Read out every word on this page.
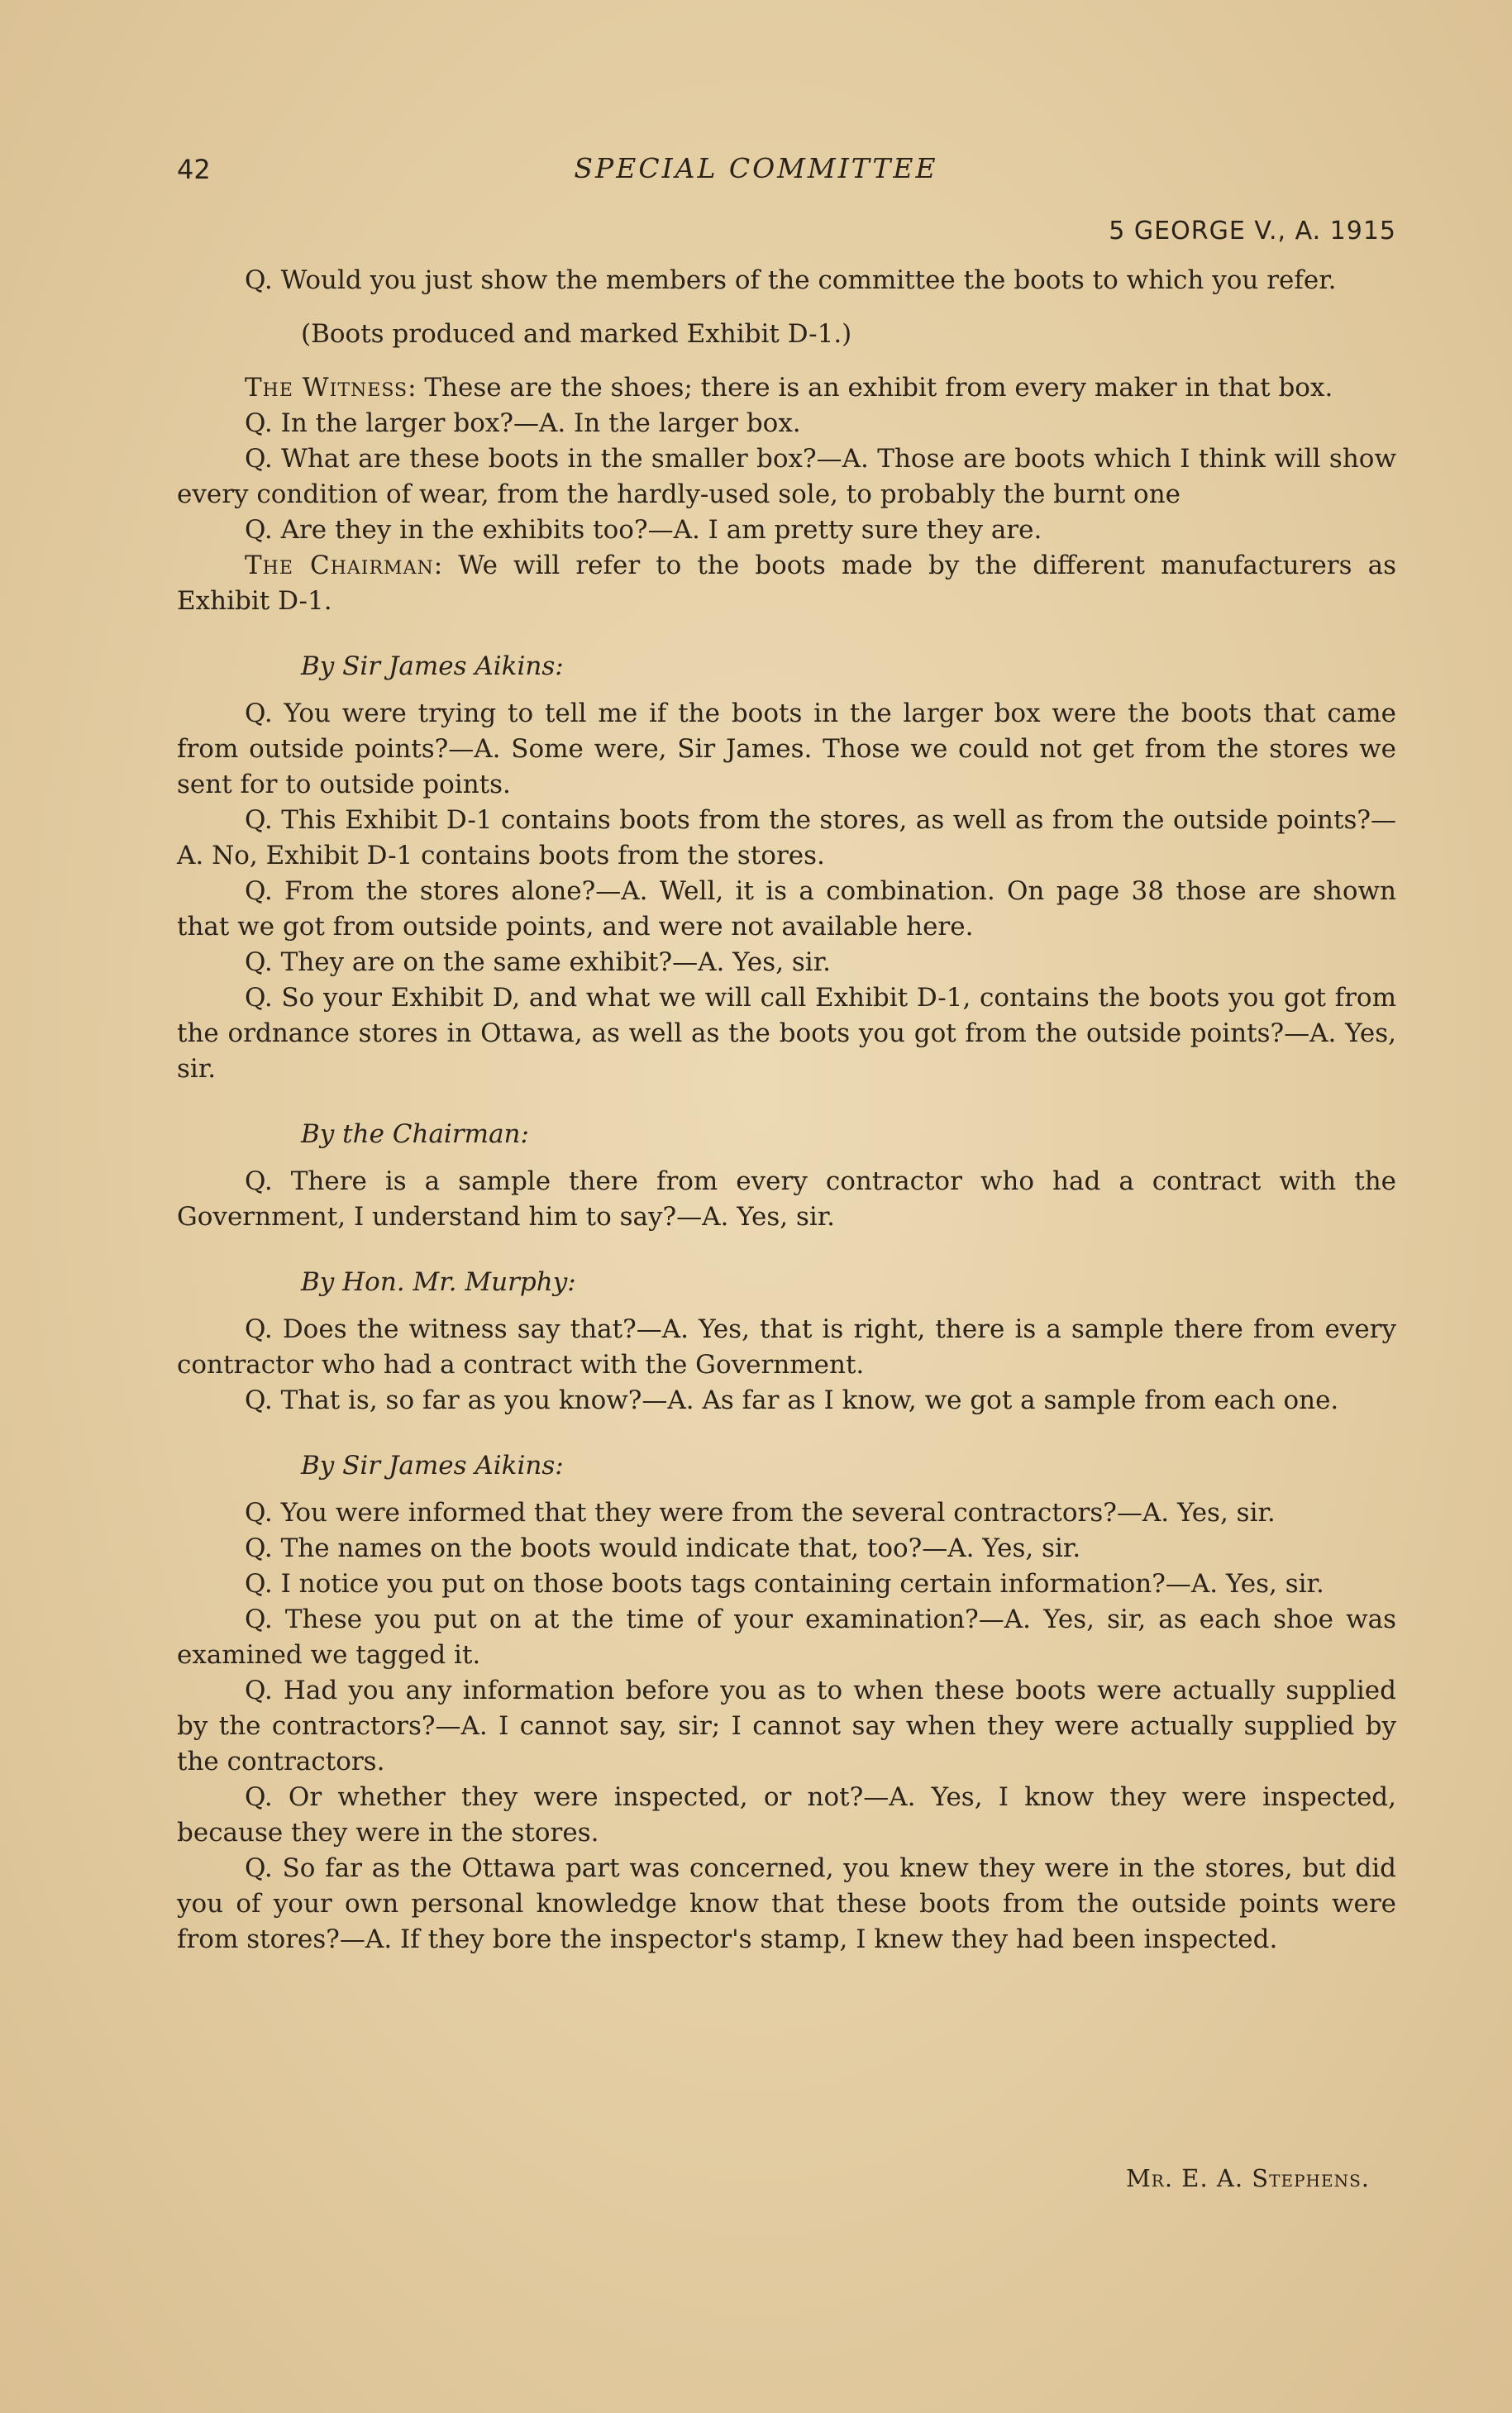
42	SPECIAL COMMITTEE
5 GEORGE V., A. 1915

Q. Would you just show the members of the committee the boots to which you refer.

(Boots produced and marked Exhibit D-1.)

The Witness: These are the shoes; there is an exhibit from every maker in that box.

Q. In the larger box?—A. In the larger box.

Q. What are these boots in the smaller box?—A. Those are boots which I think will show every condition of wear, from the hardly-used sole, to probably the burnt one

Q. Are they in the exhibits too?—A. I am pretty sure they are.

The Chairman: We will refer to the boots made by the different manufacturers as Exhibit D-1.

By Sir James Aikins:

Q. You were trying to tell me if the boots in the larger box were the boots that came from outside points?—A. Some were, Sir James. Those we could not get from the stores we sent for to outside points.

Q. This Exhibit D-1 contains boots from the stores, as well as from the outside points?—A. No, Exhibit D-1 contains boots from the stores.

Q. From the stores alone?—A. Well, it is a combination. On page 38 those are shown that we got from outside points, and were not available here.

Q. They are on the same exhibit?—A. Yes, sir.

Q. So your Exhibit D, and what we will call Exhibit D-1, contains the boots you got from the ordnance stores in Ottawa, as well as the boots you got from the outside points?—A. Yes, sir.

By the Chairman:

Q. There is a sample there from every contractor who had a contract with the Government, I understand him to say?—A. Yes, sir.

By Hon. Mr. Murphy:

Q. Does the witness say that?—A. Yes, that is right, there is a sample there from every contractor who had a contract with the Government.

Q. That is, so far as you know?—A. As far as I know, we got a sample from each one.

By Sir James Aikins:

Q. You were informed that they were from the several contractors?—A. Yes, sir.

Q. The names on the boots would indicate that, too?—A. Yes, sir.

Q. I notice you put on those boots tags containing certain information?—A. Yes, sir.

Q. These you put on at the time of your examination?—A. Yes, sir, as each shoe was examined we tagged it.

Q. Had you any information before you as to when these boots were actually supplied by the contractors?—A. I cannot say, sir; I cannot say when they were actually supplied by the contractors.

Q. Or whether they were inspected, or not?—A. Yes, I know they were inspected, because they were in the stores.

Q. So far as the Ottawa part was concerned, you knew they were in the stores, but did you of your own personal knowledge know that these boots from the outside points were from stores?—A. If they bore the inspector's stamp, I knew they had been inspected.

Mr. E. A. Stephens.
